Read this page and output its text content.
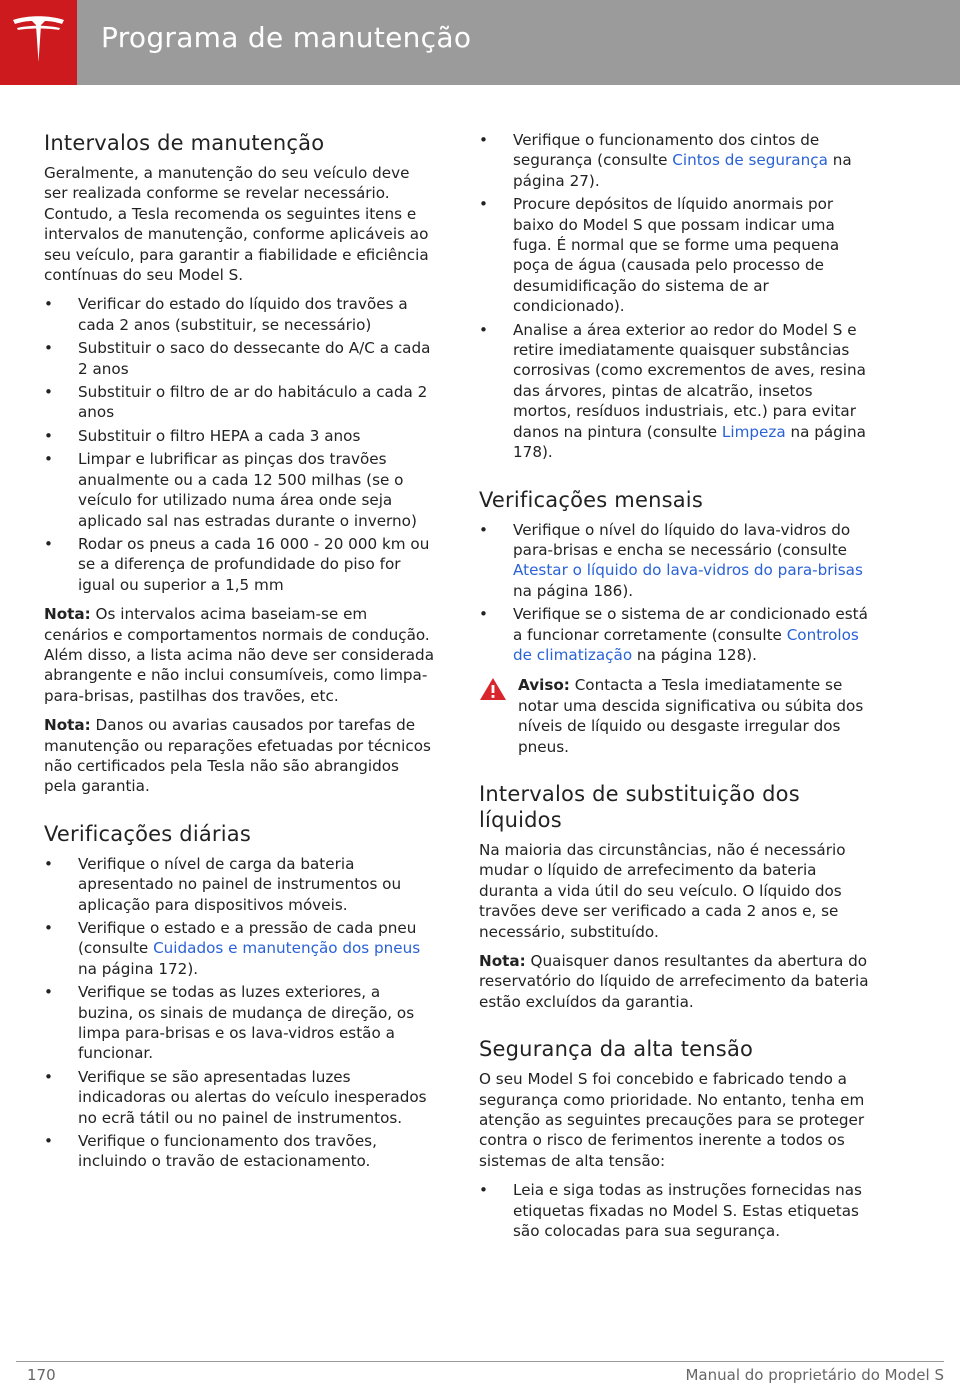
Programa de manutenção
Intervalos de manutenção

Geralmente, a manutenção do seu veículo deve ser realizada conforme se revelar necessário. Contudo, a Tesla recomenda os seguintes itens e intervalos de manutenção, conforme aplicáveis ao seu veículo, para garantir a fiabilidade e eficiência contínuas do seu Model S.

•	Verificar do estado do líquido dos travões a cada 2 anos (substituir, se necessário)
•	Substituir o saco do dessecante do A/C a cada 2 anos
•	Substituir o filtro de ar do habitáculo a cada 2 anos
•	Substituir o filtro HEPA a cada 3 anos
•	Limpar e lubrificar as pinças dos travões anualmente ou a cada 12 500 milhas (se o veículo for utilizado numa área onde seja aplicado sal nas estradas durante o inverno)
•	Rodar os pneus a cada 16 000 - 20 000 km ou se a diferença de profundidade do piso for igual ou superior a 1,5 mm

Nota: Os intervalos acima baseiam-se em cenários e comportamentos normais de condução. Além disso, a lista acima não deve ser considerada abrangente e não inclui consumíveis, como limpa-para-brisas, pastilhas dos travões, etc.

Nota: Danos ou avarias causados por tarefas de manutenção ou reparações efetuadas por técnicos não certificados pela Tesla não são abrangidos pela garantia.

Verificações diárias
•	Verifique o nível de carga da bateria apresentado no painel de instrumentos ou aplicação para dispositivos móveis.
•	Verifique o estado e a pressão de cada pneu (consulte Cuidados e manutenção dos pneus na página 172).
•	Verifique se todas as luzes exteriores, a buzina, os sinais de mudança de direção, os limpa para-brisas e os lava-vidros estão a funcionar.
•	Verifique se são apresentadas luzes indicadoras ou alertas do veículo inesperados no ecrã tátil ou no painel de instrumentos.
•	Verifique o funcionamento dos travões, incluindo o travão de estacionamento.
•	Verifique o funcionamento dos cintos de segurança (consulte Cintos de segurança na página 27).
•	Procure depósitos de líquido anormais por baixo do Model S que possam indicar uma fuga. É normal que se forme uma pequena poça de água (causada pelo processo de desumidificação do sistema de ar condicionado).
•	Analise a área exterior ao redor do Model S e retire imediatamente quaisquer substâncias corrosivas (como excrementos de aves, resina das árvores, pintas de alcatrão, insetos mortos, resíduos industriais, etc.) para evitar danos na pintura (consulte Limpeza na página 178).
Verificações mensais
•	Verifique o nível do líquido do lava-vidros do para-brisas e encha se necessário (consulte Atestar o líquido do lava-vidros do para-brisas na página 186).
•	Verifique se o sistema de ar condicionado está a funcionar corretamente (consulte Controlos de climatização na página 128).

Aviso: Contacta a Tesla imediatamente se notar uma descida significativa ou súbita dos níveis de líquido ou desgaste irregular dos pneus.

Intervalos de substituição dos líquidos

Na maioria das circunstâncias, não é necessário mudar o líquido de arrefecimento da bateria duranta a vida útil do seu veículo. O líquido dos travões deve ser verificado a cada 2 anos e, se necessário, substituído.

Nota: Quaisquer danos resultantes da abertura do reservatório do líquido de arrefecimento da bateria estão excluídos da garantia.

Segurança da alta tensão

O seu Model S foi concebido e fabricado tendo a segurança como prioridade. No entanto, tenha em atenção as seguintes precauções para se proteger contra o risco de ferimentos inerente a todos os sistemas de alta tensão:

•	Leia e siga todas as instruções fornecidas nas etiquetas fixadas no Model S. Estas etiquetas são colocadas para sua segurança.
170	Manual do proprietário do Model S
